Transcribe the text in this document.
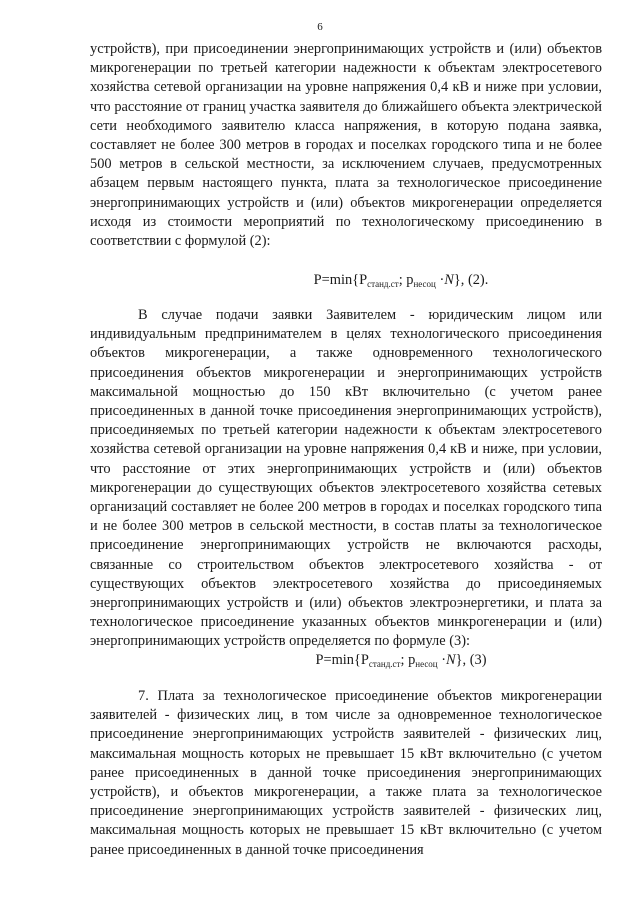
6
устройств), при присоединении энергопринимающих устройств и (или) объектов микрогенерации по третьей категории надежности к объектам электросетевого хозяйства сетевой организации на уровне напряжения 0,4 кВ и ниже при условии, что расстояние от границ участка заявителя до ближайшего объекта электрической сети необходимого заявителю класса напряжения, в которую подана заявка, составляет не более 300 метров в городах и поселках городского типа и не более 500 метров в сельской местности, за исключением случаев, предусмотренных абзацем первым настоящего пункта, плата за технологическое присоединение энергопринимающих устройств и (или) объектов микрогенерации определяется исходя из стоимости мероприятий по технологическому присоединению в соответствии с формулой (2):
$P=\min\{P_{станд.ст}$; $p_{несоц} \cdot N$}, (2).
В случае подачи заявки Заявителем - юридическим лицом или индивидуальным предпринимателем в целях технологического присоединения объектов микрогенерации, а также одновременного технологического присоединения объектов микрогенерации и энергопринимающих устройств максимальной мощностью до 150 кВт включительно (с учетом ранее присоединенных в данной точке присоединения энергопринимающих устройств), присоединяемых по третьей категории надежности к объектам электросетевого хозяйства сетевой организации на уровне напряжения 0,4 кВ и ниже, при условии, что расстояние от этих энергопринимающих устройств и (или) объектов микрогенерации до существующих объектов электросетевого хозяйства сетевых организаций составляет не более 200 метров в городах и поселках городского типа и не более 300 метров в сельской местности, в состав платы за технологическое присоединение энергопринимающих устройств не включаются расходы, связанные со строительством объектов электросетевого хозяйства - от существующих объектов электросетевого хозяйства до присоединяемых энергопринимающих устройств и (или) объектов электроэнергетики, и плата за технологическое присоединение указанных объектов минкрогенерации и (или) энергопринимающих устройств определяется по формуле (3):
$P=\min\{P_{станд.ст}$; $p_{несоц} \cdot N$}, (3)
7. Плата за технологическое присоединение объектов микрогенерации заявителей - физических лиц, в том числе за одновременное технологическое присоединение энергопринимающих устройств заявителей - физических лиц, максимальная мощность которых не превышает 15 кВт включительно (с учетом ранее присоединенных в данной точке присоединения энергопринимающих устройств), и объектов микрогенерации, а также плата за технологическое присоединение энергопринимающих устройств заявителей - физических лиц, максимальная мощность которых не превышает 15 кВт включительно (с учетом ранее присоединенных в данной точке присоединения
